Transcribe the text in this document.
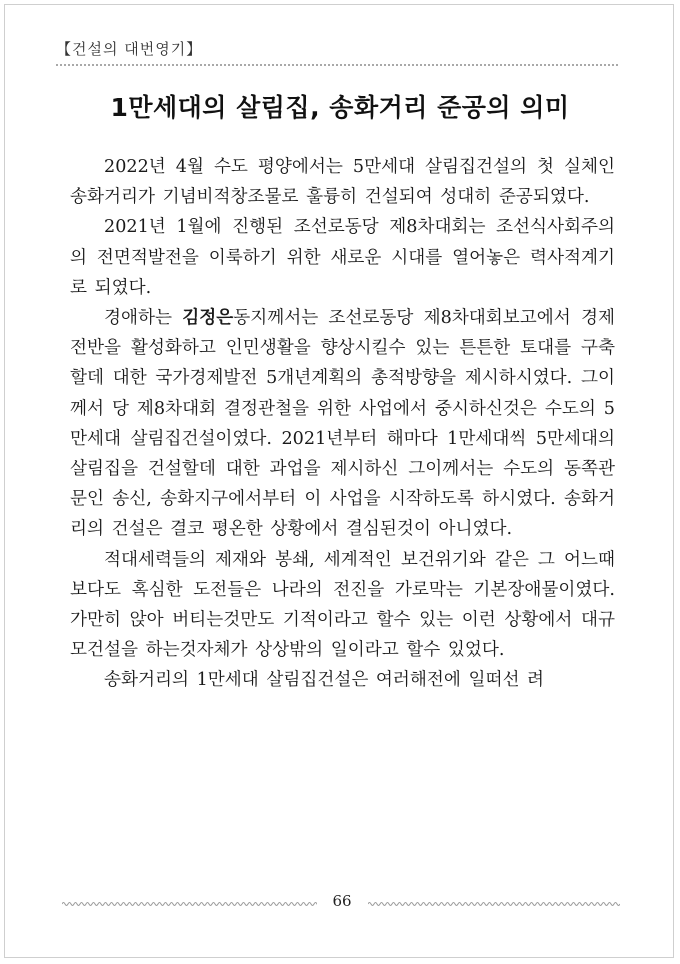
【건설의 대번영기】
1만세대의 살림집, 송화거리 준공의 의미

2022년 4월 수도 평양에서는 5만세대 살림집건설의 첫 실체인 송화거리가 기념비적창조물로 훌륭히 건설되여 성대히 준공되였다.

2021년 1월에 진행된 조선로동당 제8차대회는 조선식사회주의의 전면적발전을 이룩하기 위한 새로운 시대를 열어놓은 력사적계기로 되였다.

경애하는 김정은동지께서는 조선로동당 제8차대회보고에서 경제전반을 활성화하고 인민생활을 향상시킬수 있는 튼튼한 토대를 구축할데 대한 국가경제발전 5개년계획의 총적방향을 제시하시였다. 그이께서 당 제8차대회 결정관철을 위한 사업에서 중시하신것은 수도의 5만세대 살림집건설이였다. 2021년부터 해마다 1만세대씩 5만세대의 살림집을 건설할데 대한 과업을 제시하신 그이께서는 수도의 동쪽관문인 송신, 송화지구에서부터 이 사업을 시작하도록 하시였다. 송화거리의 건설은 결코 평온한 상황에서 결심된것이 아니였다.

적대세력들의 제재와 봉쇄, 세계적인 보건위기와 같은 그 어느때보다도 혹심한 도전들은 나라의 전진을 가로막는 기본장애물이였다. 가만히 앉아 버티는것만도 기적이라고 할수 있는 이런 상황에서 대규모건설을 하는것자체가 상상밖의 일이라고 할수 있었다.

송화거리의 1만세대 살림집건설은 여러해전에 일떠선 려

66
